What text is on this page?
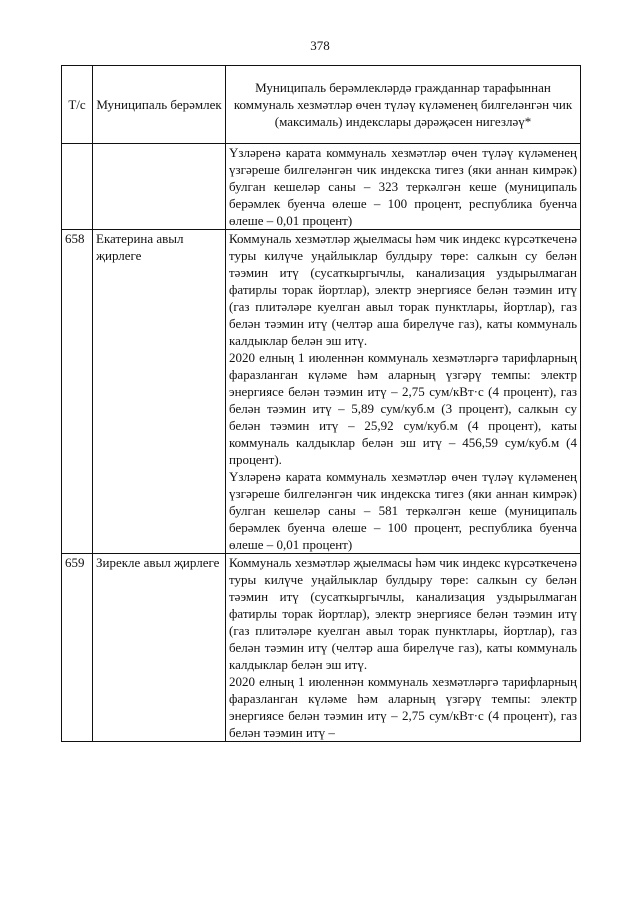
378
Т/с	Муниципаль берәмлек	Муниципаль берәмлекләрдә гражданнар тарафыннан коммуналь хезмәтләр өчен түләү күләменең билгеләнгән чик (максималь) индекслары дәрәҗәсен нигезләү*

		Үзләренә карата коммуналь хезмәтләр өчен түләү күләменең үзгәреше билгеләнгән чик индекска тигез (яки аннан кимрәк) булган кешеләр саны – 323 теркәлгән кеше (муниципаль берәмлек буенча өлеше – 100 процент, республика буенча өлеше – 0,01 процент)

658	Екатерина авыл җирлеге	Коммуналь хезмәтләр җыелмасы һәм чик индекс күрсәткеченә туры килүче уңайлыклар булдыру төре: салкын су белән тәэмин итү (сусаткыргычлы, канализация уздырылмаган фатирлы торак йортлар), электр энергиясе белән тәэмин итү (газ плитәләре куелган авыл торак пунктлары, йортлар), газ белән тәэмин итү (челтәр аша бирелүче газ), каты коммуналь калдыклар белән эш итү.

2020 елның 1 июленнән коммуналь хезмәтләргә тарифларның фаразланган күләме һәм аларның үзгәрү темпы: электр энергиясе белән тәэмин итү – 2,75 сум/кВт·с (4 процент), газ белән тәэмин итү – 5,89 сум/куб.м (3 процент), салкын су белән тәэмин итү – 25,92 сум/куб.м (4 процент), каты коммуналь калдыклар белән эш итү – 456,59 сум/куб.м (4 процент).

Үзләренә карата коммуналь хезмәтләр өчен түләү күләменең үзгәреше билгеләнгән чик индекска тигез (яки аннан кимрәк) булган кешеләр саны – 581 теркәлгән кеше (муниципаль берәмлек буенча өлеше – 100 процент, республика буенча өлеше – 0,01 процент)

659	Зирекле авыл җирлеге	Коммуналь хезмәтләр җыелмасы һәм чик индекс күрсәткеченә туры килүче уңайлыклар булдыру төре: салкын су белән тәэмин итү (сусаткыргычлы, канализация уздырылмаган фатирлы торак йортлар), электр энергиясе белән тәэмин итү (газ плитәләре куелган авыл торак пунктлары, йортлар), газ белән тәэмин итү (челтәр аша бирелүче газ), каты коммуналь калдыклар белән эш итү.

2020 елның 1 июленнән коммуналь хезмәтләргә тарифларның фаразланган күләме һәм аларның үзгәрү темпы: электр энергиясе белән тәэмин итү – 2,75 сум/кВт·с (4 процент), газ белән тәэмин итү –
